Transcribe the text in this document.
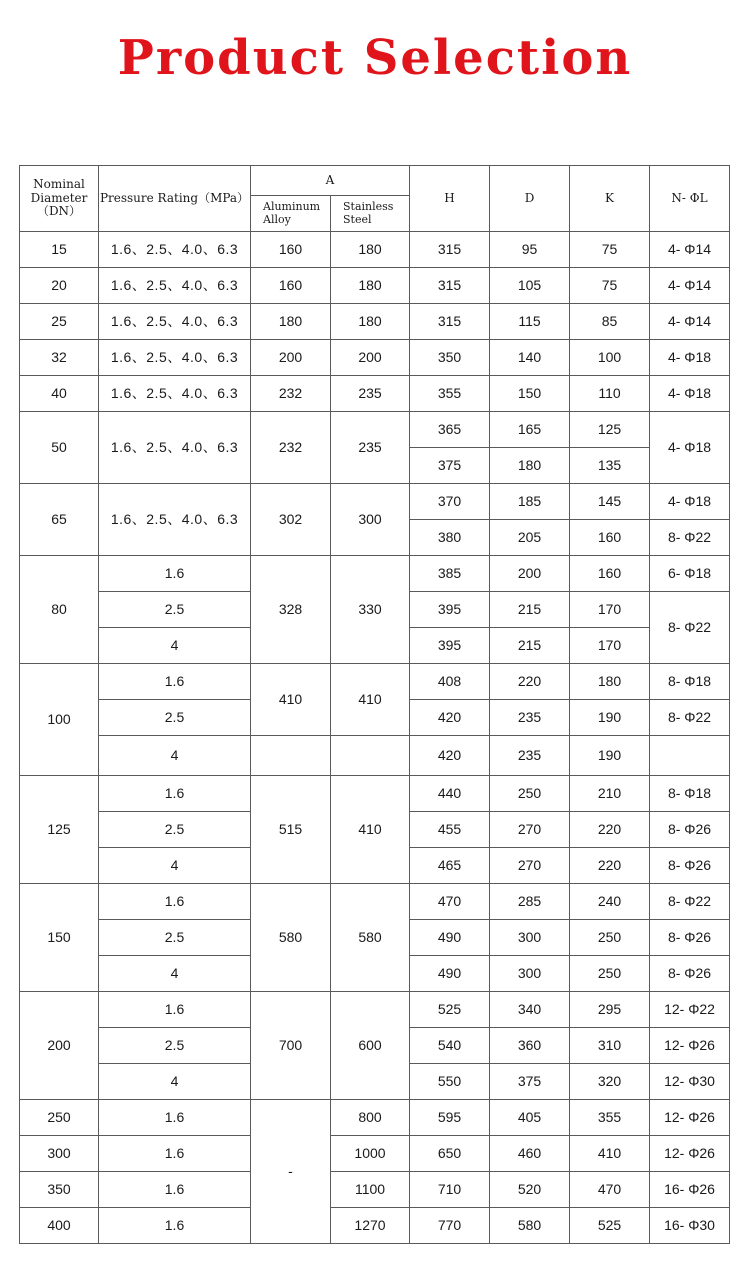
Product Selection
Nominal Diameter （DN）	Pressure Rating（MPa）	A		H	D	K	N- ΦL
		Aluminum Alloy	Stainless Steel				
15	1.6、2.5、4.0、6.3	160	180	315	95	75	4- Φ14
20	1.6、2.5、4.0、6.3	160	180	315	105	75	4- Φ14
25	1.6、2.5、4.0、6.3	180	180	315	115	85	4- Φ14
32	1.6、2.5、4.0、6.3	200	200	350	140	100	4- Φ18
40	1.6、2.5、4.0、6.3	232	235	355	150	110	4- Φ18
50	1.6、2.5、4.0、6.3	232	235	365	165	125	4- Φ18
				375	180	135	
65	1.6、2.5、4.0、6.3	302	300	370	185	145	4- Φ18
				380	205	160	8- Φ22
80	1.6	328	330	385	200	160	6- Φ18
	2.5			395	215	170	8- Φ22
	4			395	215	170	
100	1.6	410	410	408	220	180	8- Φ18
	2.5			420	235	190	8- Φ22
	4			420	235	190	
125	1.6	515	410	440	250	210	8- Φ18
	2.5			455	270	220	8- Φ26
	4			465	270	220	8- Φ26
150	1.6	580	580	470	285	240	8- Φ22
	2.5			490	300	250	8- Φ26
	4			490	300	250	8- Φ26
200	1.6	700	600	525	340	295	12- Φ22
	2.5			540	360	310	12- Φ26
	4			550	375	320	12- Φ30
250	1.6	-	800	595	405	355	12- Φ26
300	1.6		1000	650	460	410	12- Φ26
350	1.6		1100	710	520	470	16- Φ26
400	1.6		1270	770	580	525	16- Φ30
